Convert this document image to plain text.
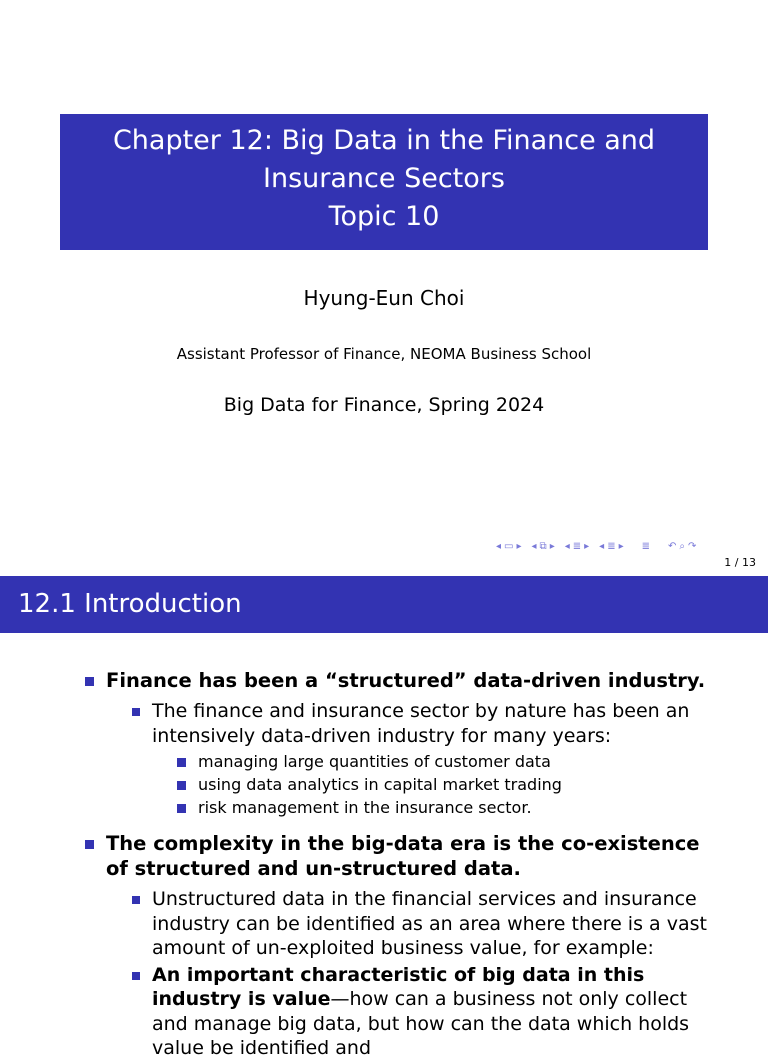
Chapter 12: Big Data in the Finance and
Insurance Sectors
Topic 10
Hyung-Eun Choi
Assistant Professor of Finance, NEOMA Business School
Big Data for Finance, Spring 2024
◂ ▭ ▸ ◂ ⧉ ▸ ◂ ≣ ▸ ◂ ≣ ▸ ≣ ↶ ⌕ ↷
1 / 13
12.1 Introduction
Finance has been a “structured” data-driven industry.
The finance and insurance sector by nature has been an intensively data-driven industry for many years:
managing large quantities of customer data
using data analytics in capital market trading
risk management in the insurance sector.
The complexity in the big-data era is the co-existence of structured and un-structured data.
Unstructured data in the financial services and insurance industry can be identified as an area where there is a vast amount of un-exploited business value, for example:
An important characteristic of big data in this industry is value—how can a business not only collect and manage big data, but how can the data which holds value be identified and
